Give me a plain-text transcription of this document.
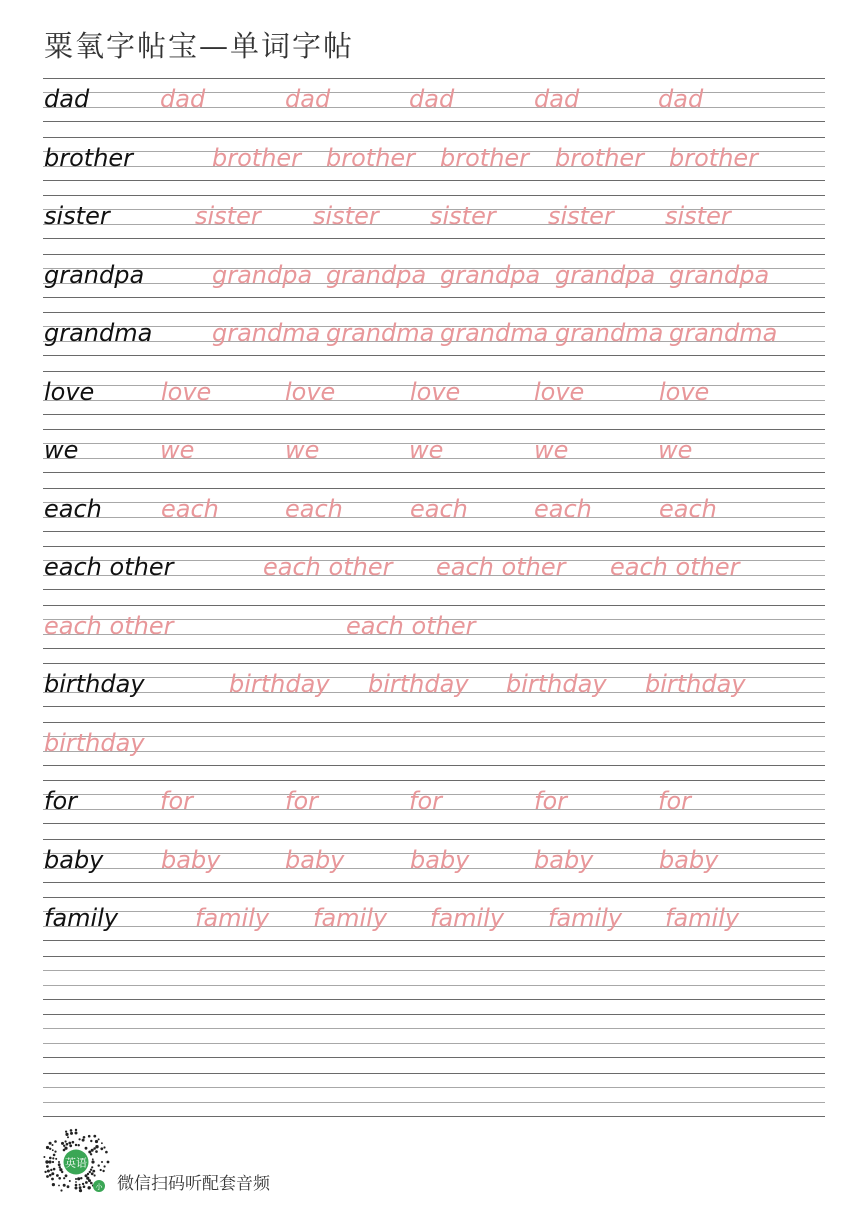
粟氧字帖宝—单词字帖
dad	dad	dad	dad	dad	dad
brother	brother brother brother brother brother
sister	sister sister sister sister sister
grandpa	grandpa grandpa grandpa grandpa grandpa
grandma grandma grandma grandma grandma grandma
love	love	love	love	love	love
we	we	we	we	we	we
each each	each	each	each	each
each other	each other each other each other
each other	each other
birthday	birthday birthday birthday birthday
birthday
for	for	for	for	for	for
baby baby	baby	baby	baby	baby
family	family family family family family
英语
小 微信扫码听配套音频
